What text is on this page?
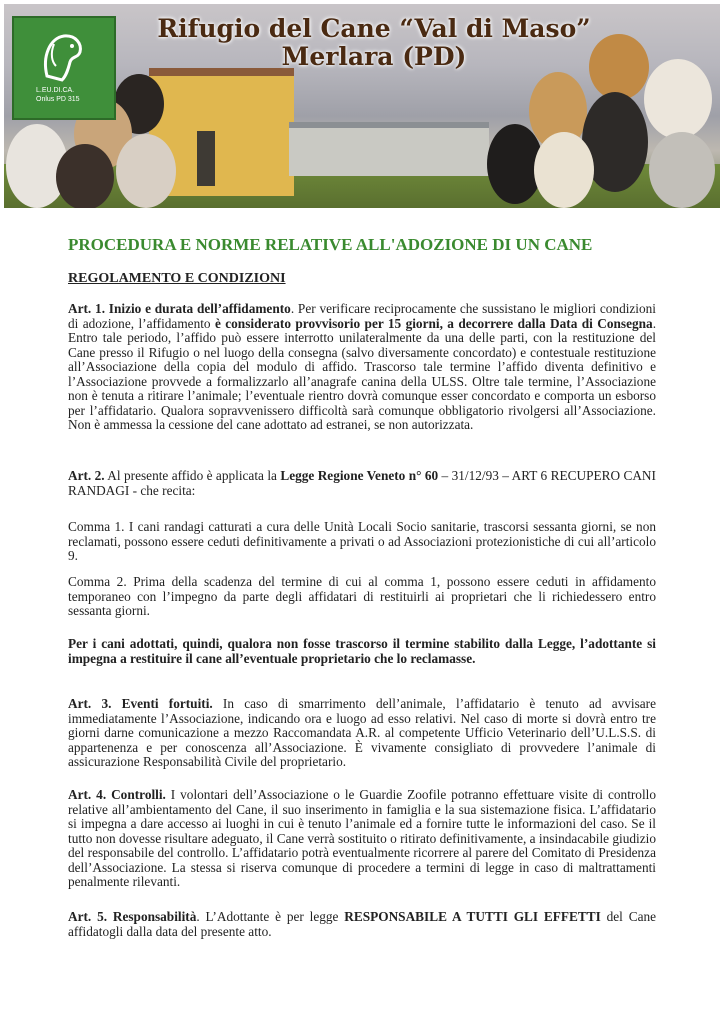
L.EU.DI.CA.
Onlus PD 315
Rifugio del Cane “Val di Maso”
Merlara (PD)
PROCEDURA E NORME RELATIVE ALL'ADOZIONE DI UN CANE
REGOLAMENTO E CONDIZIONI

Art. 1. Inizio e durata dell’affidamento. Per verificare reciprocamente che sussistano le migliori condizioni di adozione, l’affidamento è considerato provvisorio per 15 giorni, a decorrere dalla Data di Consegna. Entro tale periodo, l’affido può essere interrotto unilateralmente da una delle parti, con la restituzione del Cane presso il Rifugio o nel luogo della consegna (salvo diversamente concordato) e contestuale restituzione all’Associazione della copia del modulo di affido. Trascorso tale termine l’affido diventa definitivo e l’Associazione provvede a formalizzarlo all’anagrafe canina della ULSS. Oltre tale termine, l’Associazione non è tenuta a ritirare l’animale; l’eventuale rientro dovrà comunque esser concordato e comporta un esborso per l’affidatario. Qualora sopravvenissero difficoltà sarà comunque obbligatorio rivolgersi all’Associazione. Non è ammessa la cessione del cane adottato ad estranei, se non autorizzata.

Art. 2. Al presente affido è applicata la Legge Regione Veneto n° 60 – 31/12/93 – ART 6 RECUPERO CANI RANDAGI - che recita:

Comma 1. I cani randagi catturati a cura delle Unità Locali Socio sanitarie, trascorsi sessanta giorni, se non reclamati, possono essere ceduti definitivamente a privati o ad Associazioni protezionistiche di cui all’articolo 9.

Comma 2. Prima della scadenza del termine di cui al comma 1, possono essere ceduti in affidamento temporaneo con l’impegno da parte degli affidatari di restituirli ai proprietari che li richiedessero entro sessanta giorni.

Per i cani adottati, quindi, qualora non fosse trascorso il termine stabilito dalla Legge, l’adottante si impegna a restituire il cane all’eventuale proprietario che lo reclamasse.

Art. 3. Eventi fortuiti. In caso di smarrimento dell’animale, l’affidatario è tenuto ad avvisare immediatamente l’Associazione, indicando ora e luogo ad esso relativi. Nel caso di morte si dovrà entro tre giorni darne comunicazione a mezzo Raccomandata A.R. al competente Ufficio Veterinario dell’U.L.S.S. di appartenenza e per conoscenza all’Associazione. È vivamente consigliato di provvedere l’animale di assicurazione Responsabilità Civile del proprietario.

Art. 4. Controlli. I volontari dell’Associazione o le Guardie Zoofile potranno effettuare visite di controllo relative all’ambientamento del Cane, il suo inserimento in famiglia e la sua sistemazione fisica. L’affidatario si impegna a dare accesso ai luoghi in cui è tenuto l’animale ed a fornire tutte le informazioni del caso. Se il tutto non dovesse risultare adeguato, il Cane verrà sostituito o ritirato definitivamente, a insindacabile giudizio del responsabile del controllo. L’affidatario potrà eventualmente ricorrere al parere del Comitato di Presidenza dell’Associazione. La stessa si riserva comunque di procedere a termini di legge in caso di maltrattamenti penalmente rilevanti.

Art. 5. Responsabilità. L’Adottante è per legge RESPONSABILE A TUTTI GLI EFFETTI del Cane affidatogli dalla data del presente atto.
